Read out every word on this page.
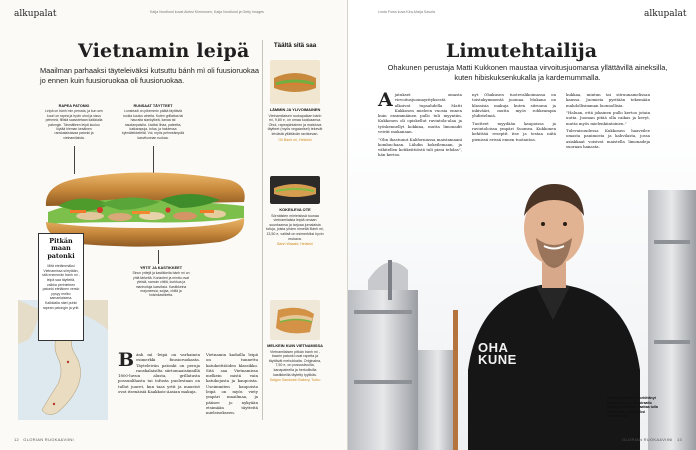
alkupalat	Katja Nordlund kuvat Aleksi Kimmonen, Katja Nordlund ja Getty Images
Vietnamin leipä
Maailman parhaaksi täyteleiväksi kutsuttu bánh mì oli fuusioruokaa jo ennen kuin fuusioruokaa oli fuusioruokaa.
RAPEA PATONKI
Leipä on bánh mìn perusta, ja kun sen kuori on rapea ja hyvin ohut ja sisus pehmeä, fiilistä saavutetaan kaikkialla patongin. Täsmälleen leipä kuuluu löytää hieman kesäinen ranskalaistavaa patonki ja vietnamilaista.
RUNSAAT TÄYTTEET
Lonsteadi on pikemmin päätä täyttäviä ruokia kuuluu aineita. Kuten grillattua tai hauraita siankylkeä, kanaa tai naudanpaistia. Lisäksi lihaa, pateetta, katkarapuja, tofua, ja halutessa kylmäleikkeleitä. Voi, myös pehmeämpää kasvikunnan ruokaa.
YRTIT JA KASTIKKEET
Sinun yrttejä ja kastikkeita bánh mì on yhtä tärkeitä. Korianteri ja minttu ovat yleisiä, samoin chiliä, kurkkua ja marinoituja kasviksia. Kastikkeina majoneesia, soijaa, chiliä ja hoisinkastiketta.
Pitkän maan patonki
Mitä etelämmäksi Vietnamissa siirrytään, sitä enemmän bánh mì -leipä saa täytteitä, vaikka perinteinen patonki eteläinen versio pysyy melko samanlaisena. Kaikkialla näet puhki rapean patongin ja yrtit.
B ánh mì -leipä on varhainen esimerkki fuusioruokasta. Täyteleivän patonki on peruja ranskalaisilta siirtomaaisännillä 1800-luvun alusta, grillatusta possunlihasta tai tofusta puolestaan on tullut juuret, kun taas yrtit ja maustot ovat itsenäisiä Kaakkois-Aasian makuja.
Vietnamin kaduilla leipä on tunnettu katukeittiöiden klassikko. Sitä saa Vietnamissa melkein mistä vain katukojusta ja kaupoista. Useimmiten kaupoista leipä on myös viety ympäri maailmaa, ja pääsee jo nykyään etsimään täytteitä mieleisekseen.
Täältä sitä saa
LÄMMIN JA YLIVOIMAINEN
Vietnamilaisen ruokapaikan bánh mì, 9,80 e, on omaa luokkaansa. Ohut, rapeapintainen ja maistuva täytteet (myös vegaaniset) tekevät leivästä yllättävän ravitsevan.
Oli Banh mi, Helsinki
KOKEILEVA OTE
Sörnäisten mieleisissä tuunaa vietnamilaisia leipiä omaan suuntaansa ja tarjoaa jumalaisia tofuja, joista yhden nimeltä Bánh mi, 13,50 e, valitsit on esimerkiksi hyvin mukava.
Bánh Wasabi, Helsinki
MELKEIN KUIN VIETNAMISSA
Vietnamilaisen pitkän bánh mì -baarin patonki ovat rapeita ja täyttävät mehukkaita. Originalna, 7,50 e, on possusiivuilla, kanapateella ja herkullisilla kastikkeilla täytetty tyylikäs.
Saigon Sandwich Bakery, Turku
12 GLORIAN RUOKA&VIINI
Linda Forss kuva Kira-Marja Savola	alkupalat
OHA
KUNE
Limutehtailija
Ohakunen perustaja Matti Kukkonen maustaa virvoitusjuomansa yllättävillä aineksilla, kuten hibiskuksenkukalla ja kardemummalla.

Ajatukset omasta virvoitusjuomayrityksestä alkoivat tupsahdella Matti Kukkosen mieleen vuosia ennen kuin ensimmäinen pullo tuli myyntiin. Kukkonen oli opiskellut ravintola-alaa ja työskennellyt kokkina, mutta limonadit veivät mukanaan.

”Olin ihastunut Kaliforniassa maistamaani kombuchaan. Lähdin kokeilemaan, ja vähitellen kotikeittiöstä tuli pieni tehdas”, hän kertoo.

nyt Ohakusen tuotevalikoimassa on toistakymmentä juomaa. Mukana on klassisia makuja kuten sitruuna ja inkivääri, mutta myös rohkeampia yhdistelmiä.

Tuotteet myydään kaupoissa ja ravintoloissa ympäri Suomea. Kukkonen kehittää reseptit itse ja testaa niitä pienissä erissä ennen tuotantoa.

kukkaa, mintun tai sitruunamelissan kanssa. Juomista pyritään tekemään mahdollisimman luonnollisia.

”Haluan, että jokainen pullo kertoo jotain uutta. Juoman pitää olla raikas ja kevyt, mutta myös mielenkiintoinen.”

Tulevaisuudessa Kukkonen haaveilee omasta panimosta ja kahvilasta, jossa asiakkaat voisivat maistella limonadeja suoraan hanasta.

Matti Kukkonen on kehittänyt juomansa itse. ”Inspiraatio makuyhdistelmiin saattaa tulla mistä vain, esimerkiksi ravintolasta.”
GLORIAN RUOKA&VIINI 13
